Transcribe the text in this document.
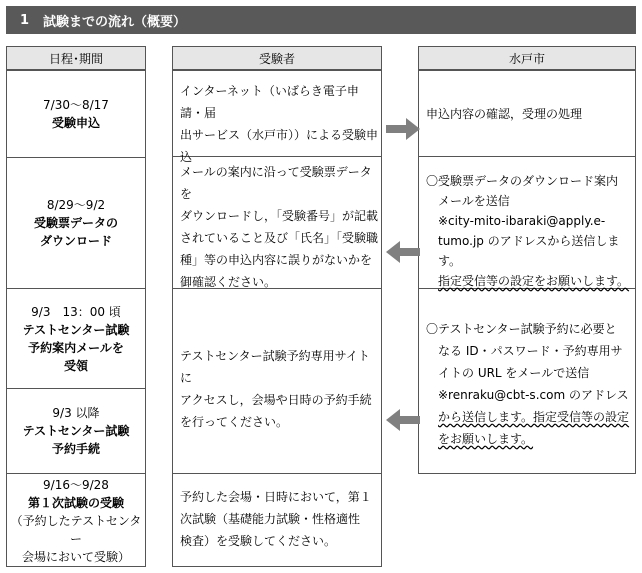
1 試験までの流れ（概要）
日程･期間	受験者	水戸市
7/30～8/17
受験申込
8/29～9/2
受験票データの
ダウンロード
9/3　13：00 頃
テストセンター試験
予約案内メールを
受領
9/3 以降
テストセンター試験
予約手続
9/16～9/28
第１次試験の受験
（予約したテストセンター
会場において受験）
インターネット（いばらき電子申請・届
出サービス（水戸市））による受験申
込
メールの案内に沿って受験票データを
ダウンロードし，「受験番号」が記載
されていること及び「氏名」「受験職
種」等の申込内容に誤りがないかを
御確認ください。
テストセンター試験予約専用サイトに
アクセスし，会場や日時の予約手続
を行ってください。
予約した会場・日時において，第１
次試験（基礎能力試験・性格適性
検査）を受験してください。
申込内容の確認，受理の処理
〇受験票データのダウンロード案内
メールを送信
※city-mito-ibaraki@apply.e-
tumo.jp のアドレスから送信します。
指定受信等の設定をお願いします。
〇テストセンター試験予約に必要と
なる ID・パスワード・予約専用サ
イトの URL をメールで送信
※renraku@cbt-s.com のアドレス
から送信します。指定受信等の設定
をお願いします。
